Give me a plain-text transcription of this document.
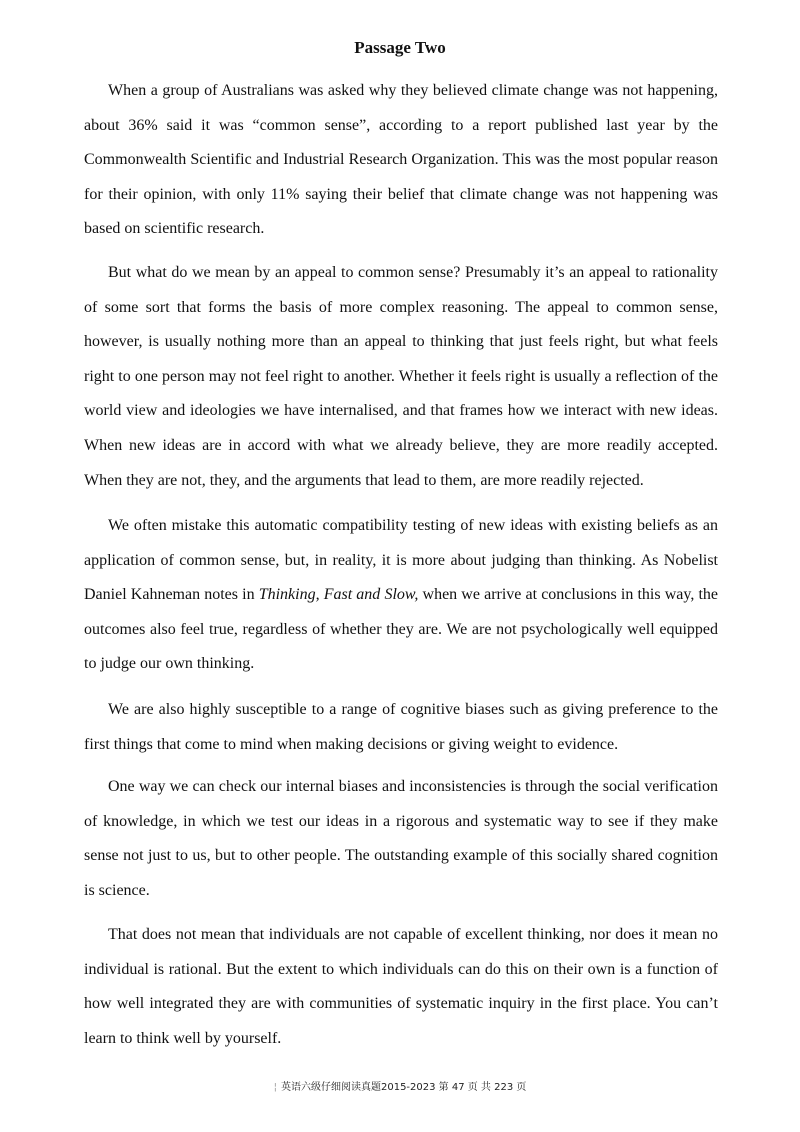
Passage Two

When a group of Australians was asked why they believed climate change was not happening, about 36% said it was “common sense”, according to a report published last year by the Commonwealth Scientific and Industrial Research Organization. This was the most popular reason for their opinion, with only 11% saying their belief that climate change was not happening was based on scientific research.

But what do we mean by an appeal to common sense? Presumably it’s an appeal to rationality of some sort that forms the basis of more complex reasoning. The appeal to common sense, however, is usually nothing more than an appeal to thinking that just feels right, but what feels right to one person may not feel right to another. Whether it feels right is usually a reflection of the world view and ideologies we have internalised, and that frames how we interact with new ideas. When new ideas are in accord with what we already believe, they are more readily accepted. When they are not, they, and the arguments that lead to them, are more readily rejected.

We often mistake this automatic compatibility testing of new ideas with existing beliefs as an application of common sense, but, in reality, it is more about judging than thinking. As Nobelist Daniel Kahneman notes in Thinking, Fast and Slow, when we arrive at conclusions in this way, the outcomes also feel true, regardless of whether they are. We are not psychologically well equipped to judge our own thinking.

We are also highly susceptible to a range of cognitive biases such as giving preference to the first things that come to mind when making decisions or giving weight to evidence.

One way we can check our internal biases and inconsistencies is through the social verification of knowledge, in which we test our ideas in a rigorous and systematic way to see if they make sense not just to us, but to other people. The outstanding example of this socially shared cognition is science.

That does not mean that individuals are not capable of excellent thinking, nor does it mean no individual is rational. But the extent to which individuals can do this on their own is a function of how well integrated they are with communities of systematic inquiry in the first place. You can’t learn to think well by yourself.

¦ 英语六级仔细阅读真题2015-2023 第 47 页 共 223 页
